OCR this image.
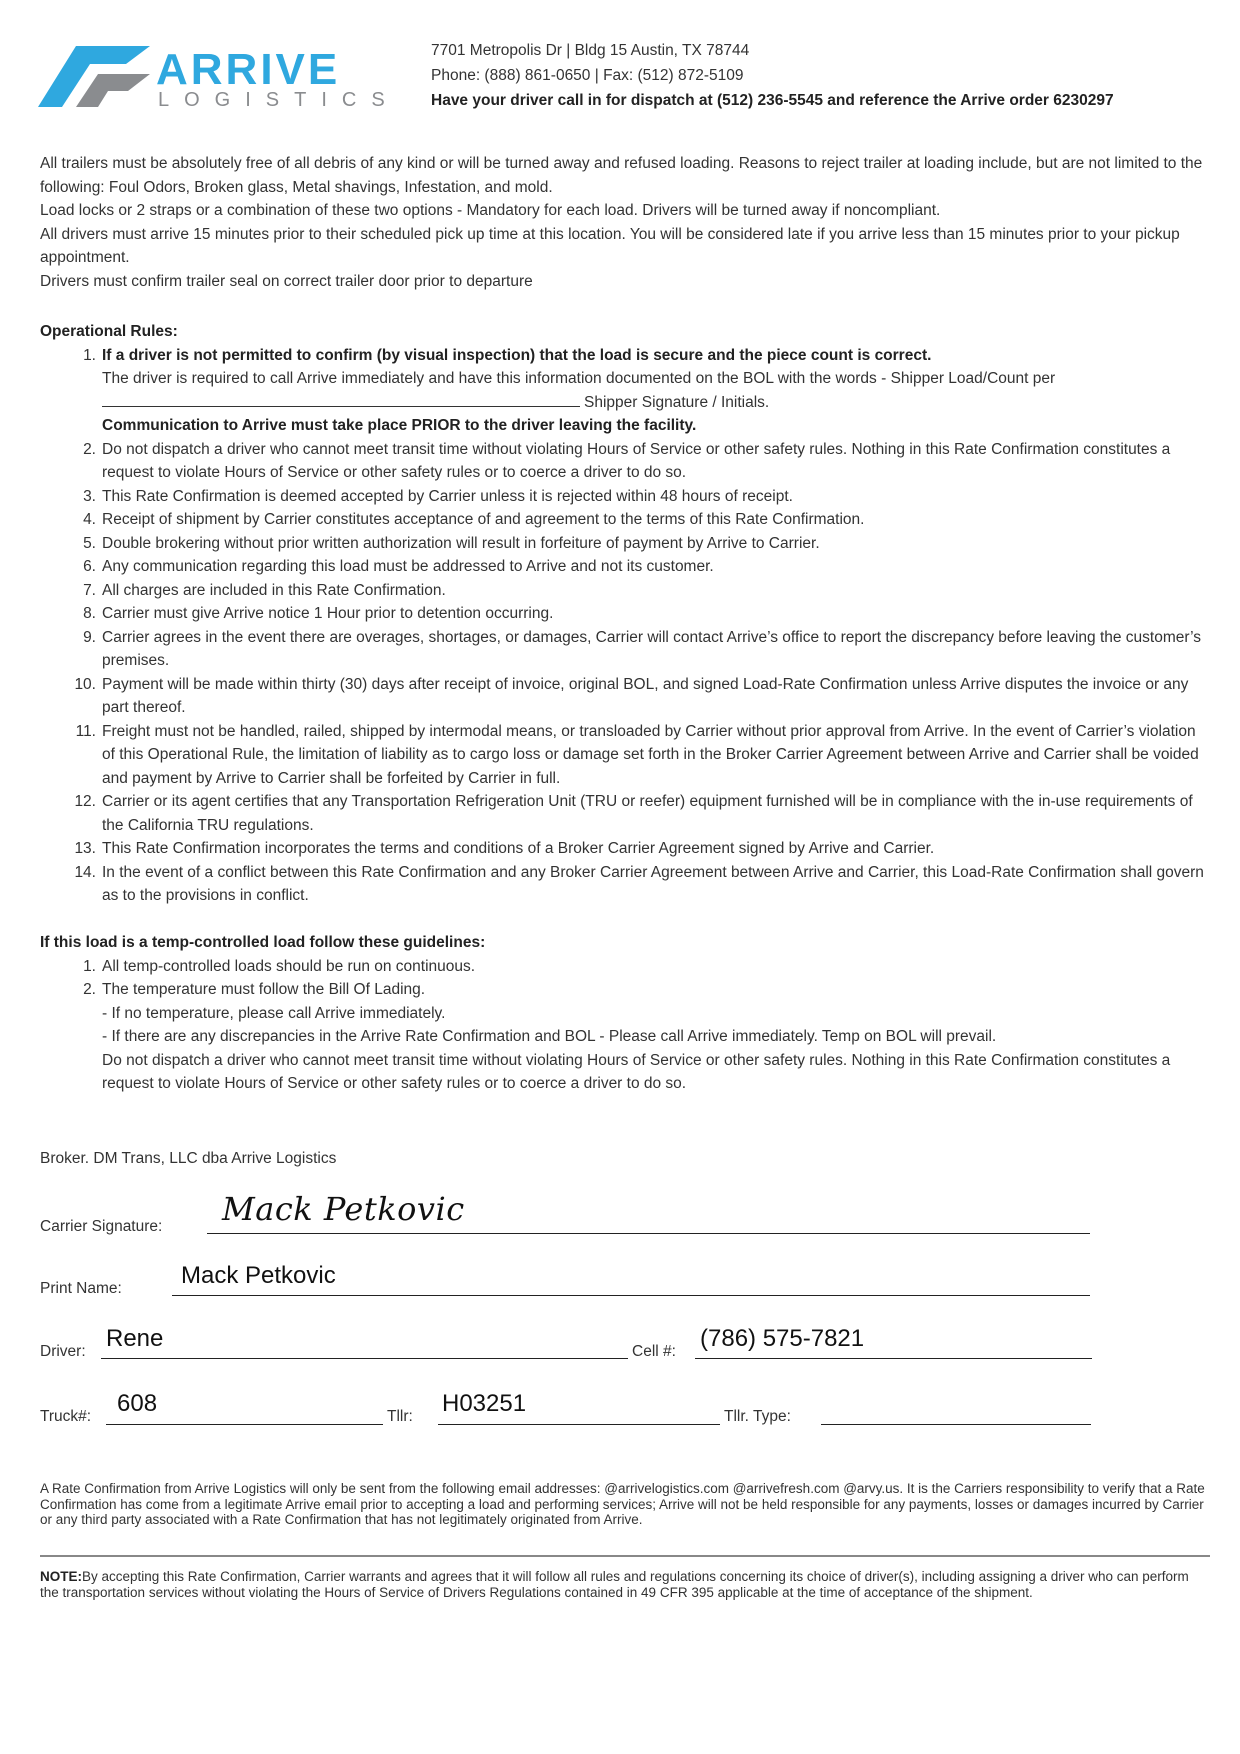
ARRIVE
LOGISTICS
7701 Metropolis Dr | Bldg 15 Austin, TX 78744
Phone: (888) 861-0650 | Fax: (512) 872-5109
Have your driver call in for dispatch at (512) 236-5545 and reference the Arrive order 6230297

All trailers must be absolutely free of all debris of any kind or will be turned away and refused loading. Reasons to reject trailer at loading include, but are not limited to the following: Foul Odors, Broken glass, Metal shavings, Infestation, and mold.

Load locks or 2 straps or a combination of these two options - Mandatory for each load. Drivers will be turned away if noncompliant.

All drivers must arrive 15 minutes prior to their scheduled pick up time at this location. You will be considered late if you arrive less than 15 minutes prior to your pickup appointment.

Drivers must confirm trailer seal on correct trailer door prior to departure

Operational Rules:

1. If a driver is not permitted to confirm (by visual inspection) that the load is secure and the piece count is correct.
The driver is required to call Arrive immediately and have this information documented on the BOL with the words - Shipper Load/Count per
Shipper Signature / Initials.
Communication to Arrive must take place PRIOR to the driver leaving the facility.
2. Do not dispatch a driver who cannot meet transit time without violating Hours of Service or other safety rules. Nothing in this Rate Confirmation constitutes a request to violate Hours of Service or other safety rules or to coerce a driver to do so.
3. This Rate Confirmation is deemed accepted by Carrier unless it is rejected within 48 hours of receipt.
4. Receipt of shipment by Carrier constitutes acceptance of and agreement to the terms of this Rate Confirmation.
5. Double brokering without prior written authorization will result in forfeiture of payment by Arrive to Carrier.
6. Any communication regarding this load must be addressed to Arrive and not its customer.
7. All charges are included in this Rate Confirmation.
8. Carrier must give Arrive notice 1 Hour prior to detention occurring.
9. Carrier agrees in the event there are overages, shortages, or damages, Carrier will contact Arrive’s office to report the discrepancy before leaving the customer’s premises.
10. Payment will be made within thirty (30) days after receipt of invoice, original BOL, and signed Load-Rate Confirmation unless Arrive disputes the invoice or any part thereof.
11. Freight must not be handled, railed, shipped by intermodal means, or transloaded by Carrier without prior approval from Arrive. In the event of Carrier’s violation of this Operational Rule, the limitation of liability as to cargo loss or damage set forth in the Broker Carrier Agreement between Arrive and Carrier shall be voided and payment by Arrive to Carrier shall be forfeited by Carrier in full.
12. Carrier or its agent certifies that any Transportation Refrigeration Unit (TRU or reefer) equipment furnished will be in compliance with the in-use requirements of the California TRU regulations.
13. This Rate Confirmation incorporates the terms and conditions of a Broker Carrier Agreement signed by Arrive and Carrier.
14. In the event of a conflict between this Rate Confirmation and any Broker Carrier Agreement between Arrive and Carrier, this Load-Rate Confirmation shall govern as to the provisions in conflict.

If this load is a temp-controlled load follow these guidelines:

1. All temp-controlled loads should be run on continuous.
2. The temperature must follow the Bill Of Lading.
- If no temperature, please call Arrive immediately.
- If there are any discrepancies in the Arrive Rate Confirmation and BOL - Please call Arrive immediately. Temp on BOL will prevail.
Do not dispatch a driver who cannot meet transit time without violating Hours of Service or other safety rules. Nothing in this Rate Confirmation constitutes a request to violate Hours of Service or other safety rules or to coerce a driver to do so.
Broker. DM Trans, LLC dba Arrive Logistics
Carrier Signature: Mack Petkovic
Print Name: Mack Petkovic
Driver: Rene	Cell #: (786) 575-7821
Truck#: 608	Tllr: H03251	Tllr. Type:

A Rate Confirmation from Arrive Logistics will only be sent from the following email addresses: @arrivelogistics.com @arrivefresh.com @arvy.us. It is the Carriers responsibility to verify that a Rate Confirmation has come from a legitimate Arrive email prior to accepting a load and performing services; Arrive will not be held responsible for any payments, losses or damages incurred by Carrier or any third party associated with a Rate Confirmation that has not legitimately originated from Arrive.

NOTE:By accepting this Rate Confirmation, Carrier warrants and agrees that it will follow all rules and regulations concerning its choice of driver(s), including assigning a driver who can perform the transportation services without violating the Hours of Service of Drivers Regulations contained in 49 CFR 395 applicable at the time of acceptance of the shipment.
